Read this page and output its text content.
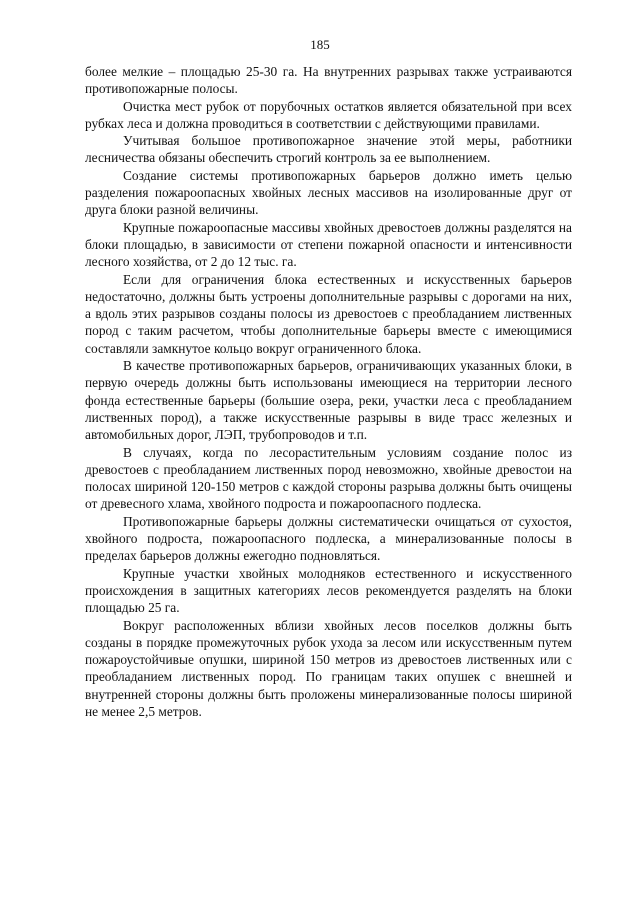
185

более мелкие – площадью 25-30 га. На внутренних разрывах также устраиваются противопожарные полосы.

Очистка мест рубок от порубочных остатков является обязательной при всех рубках леса и должна проводиться в соответствии с действующими правилами.

Учитывая большое противопожарное значение этой меры, работники лесничества обязаны обеспечить строгий контроль за ее выполнением.

Создание системы противопожарных барьеров должно иметь целью разделения пожароопасных хвойных лесных массивов на изолированные друг от друга блоки разной величины.

Крупные пожароопасные массивы хвойных древостоев должны разделятся на блоки площадью, в зависимости от степени пожарной опасности и интенсивности лесного хозяйства, от 2 до 12 тыс. га.

Если для ограничения блока естественных и искусственных барьеров недостаточно, должны быть устроены дополнительные разрывы с дорогами на них, а вдоль этих разрывов созданы полосы из древостоев с преобладанием лиственных пород с таким расчетом, чтобы дополнительные барьеры вместе с имеющимися составляли замкнутое кольцо вокруг ограниченного блока.

В качестве противопожарных барьеров, ограничивающих указанных блоки, в первую очередь должны быть использованы имеющиеся на территории лесного фонда естественные барьеры (большие озера, реки, участки леса с преобладанием лиственных пород), а также искусственные разрывы в виде трасс железных и автомобильных дорог, ЛЭП, трубопроводов и т.п.

В случаях, когда по лесорастительным условиям создание полос из древостоев с преобладанием лиственных пород невозможно, хвойные древостои на полосах шириной 120-150 метров с каждой стороны разрыва должны быть очищены от древесного хлама, хвойного подроста и пожароопасного подлеска.

Противопожарные барьеры должны систематически очищаться от сухостоя, хвойного подроста, пожароопасного подлеска, а минерализованные полосы в пределах барьеров должны ежегодно подновляться.

Крупные участки хвойных молодняков естественного и искусственного происхождения в защитных категориях лесов рекомендуется разделять на блоки площадью 25 га.

Вокруг расположенных вблизи хвойных лесов поселков должны быть созданы в порядке промежуточных рубок ухода за лесом или искусственным путем пожароустойчивые опушки, шириной 150 метров из древостоев лиственных или с преобладанием лиственных пород. По границам таких опушек с внешней и внутренней стороны должны быть проложены минерализованные полосы шириной не менее 2,5 метров.
